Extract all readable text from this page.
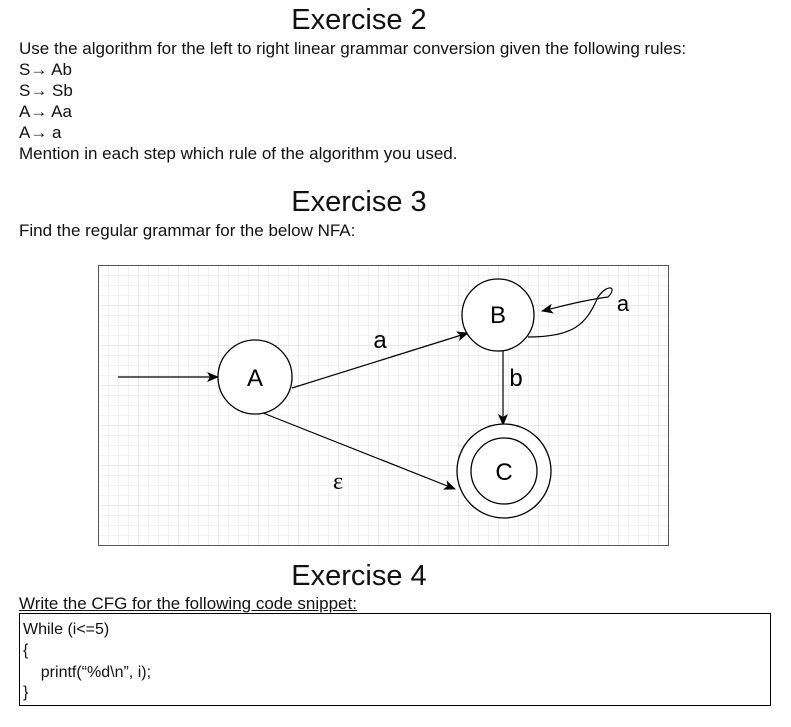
Exercise 2
Use the algorithm for the left to right linear grammar conversion given the following rules:
S→ Ab
S→ Sb
A→ Aa
A→ a
Mention in each step which rule of the algorithm you used.
Exercise 3
Find the regular grammar for the below NFA:
A
B
C
a
ε
a
b
Exercise 4
Write the CFG for the following code snippet:
While (i<=5)
{
printf(“%d\n”, i);
}
